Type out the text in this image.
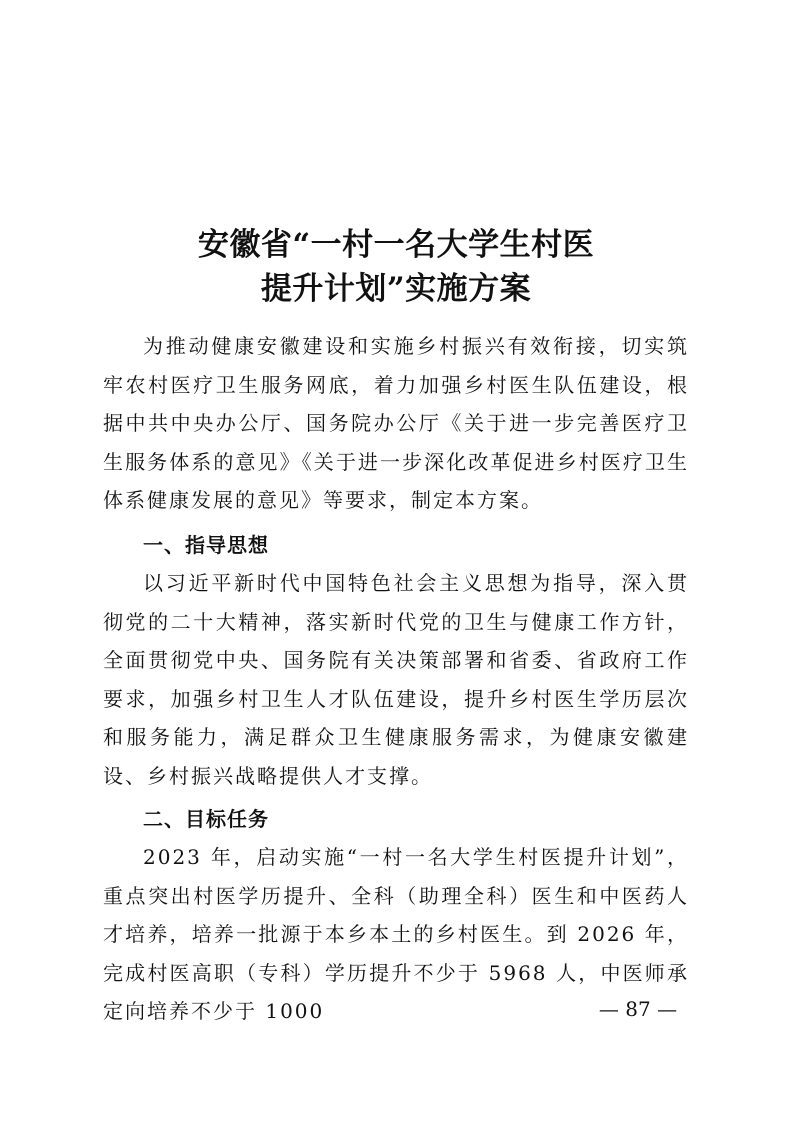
安徽省“一村一名大学生村医
提升计划”实施方案

为推动健康安徽建设和实施乡村振兴有效衔接，切实筑牢农村医疗卫生服务网底，着力加强乡村医生队伍建设，根据中共中央办公厅、国务院办公厅《关于进一步完善医疗卫生服务体系的意见》《关于进一步深化改革促进乡村医疗卫生体系健康发展的意见》等要求，制定本方案。

一、指导思想

以习近平新时代中国特色社会主义思想为指导，深入贯彻党的二十大精神，落实新时代党的卫生与健康工作方针，全面贯彻党中央、国务院有关决策部署和省委、省政府工作要求，加强乡村卫生人才队伍建设，提升乡村医生学历层次和服务能力，满足群众卫生健康服务需求，为健康安徽建设、乡村振兴战略提供人才支撑。

二、目标任务

2023 年，启动实施“一村一名大学生村医提升计划”，重点突出村医学历提升、全科（助理全科）医生和中医药人才培养，培养一批源于本乡本土的乡村医生。到 2026 年，完成村医高职（专科）学历提升不少于 5968 人，中医师承定向培养不少于 1000	— 87 —
